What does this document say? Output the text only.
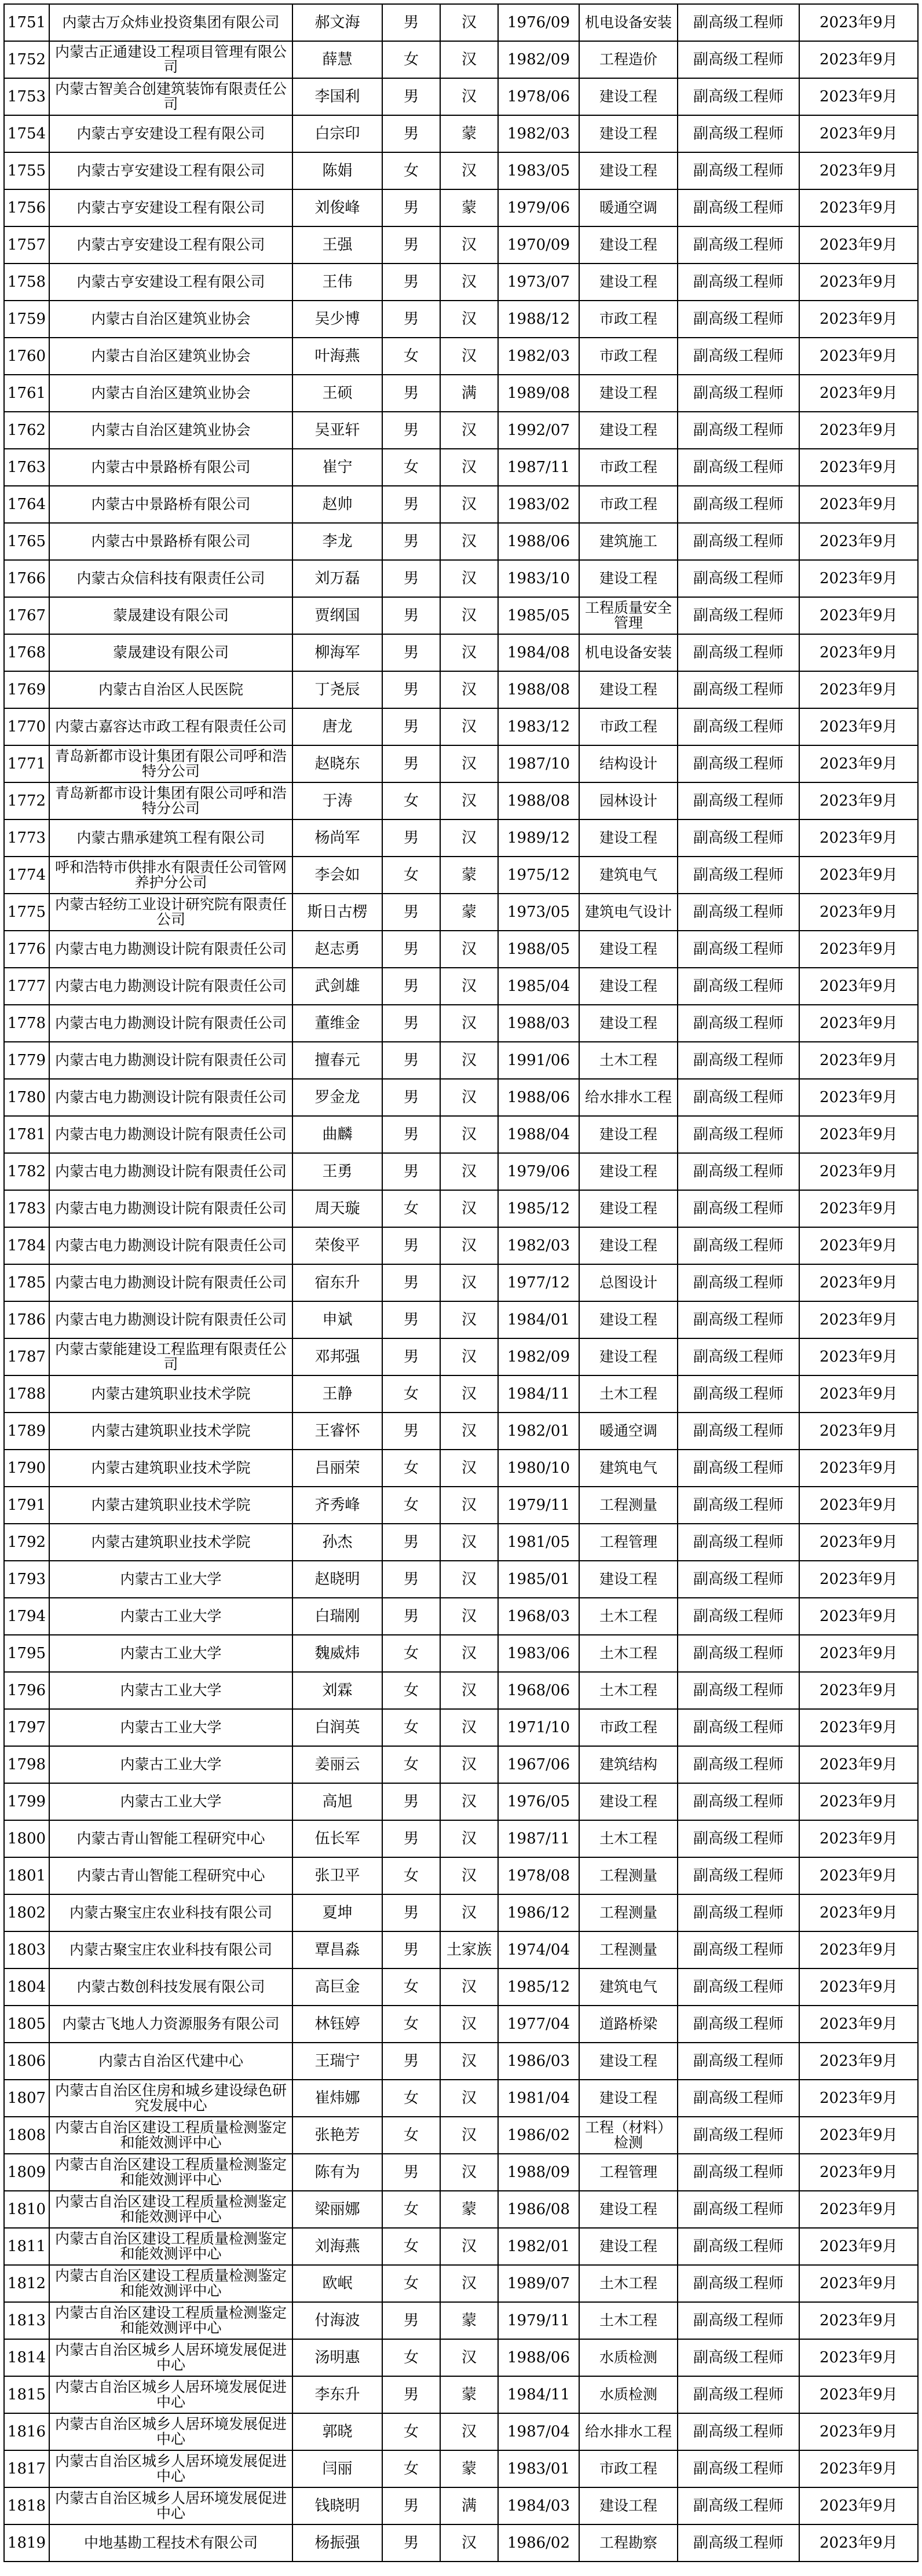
1751	内蒙古万众炜业投资集团有限公司	郝文海	男	汉	1976/09	机电设备安装	副高级工程师	2023年9月
1752	内蒙古正通建设工程项目管理有限公司	薛慧	女	汉	1982/09	工程造价	副高级工程师	2023年9月
1753	内蒙古智美合创建筑装饰有限责任公司	李国利	男	汉	1978/06	建设工程	副高级工程师	2023年9月
1754	内蒙古亨安建设工程有限公司	白宗印	男	蒙	1982/03	建设工程	副高级工程师	2023年9月
1755	内蒙古亨安建设工程有限公司	陈娟	女	汉	1983/05	建设工程	副高级工程师	2023年9月
1756	内蒙古亨安建设工程有限公司	刘俊峰	男	蒙	1979/06	暖通空调	副高级工程师	2023年9月
1757	内蒙古亨安建设工程有限公司	王强	男	汉	1970/09	建设工程	副高级工程师	2023年9月
1758	内蒙古亨安建设工程有限公司	王伟	男	汉	1973/07	建设工程	副高级工程师	2023年9月
1759	内蒙古自治区建筑业协会	吴少博	男	汉	1988/12	市政工程	副高级工程师	2023年9月
1760	内蒙古自治区建筑业协会	叶海燕	女	汉	1982/03	市政工程	副高级工程师	2023年9月
1761	内蒙古自治区建筑业协会	王硕	男	满	1989/08	建设工程	副高级工程师	2023年9月
1762	内蒙古自治区建筑业协会	吴亚轩	男	汉	1992/07	建设工程	副高级工程师	2023年9月
1763	内蒙古中景路桥有限公司	崔宁	女	汉	1987/11	市政工程	副高级工程师	2023年9月
1764	内蒙古中景路桥有限公司	赵帅	男	汉	1983/02	市政工程	副高级工程师	2023年9月
1765	内蒙古中景路桥有限公司	李龙	男	汉	1988/06	建筑施工	副高级工程师	2023年9月
1766	内蒙古众信科技有限责任公司	刘万磊	男	汉	1983/10	建设工程	副高级工程师	2023年9月
1767	蒙晟建设有限公司	贾纲国	男	汉	1985/05	工程质量安全管理	副高级工程师	2023年9月
1768	蒙晟建设有限公司	柳海军	男	汉	1984/08	机电设备安装	副高级工程师	2023年9月
1769	内蒙古自治区人民医院	丁尧辰	男	汉	1988/08	建设工程	副高级工程师	2023年9月
1770	内蒙古嘉容达市政工程有限责任公司	唐龙	男	汉	1983/12	市政工程	副高级工程师	2023年9月
1771	青岛新都市设计集团有限公司呼和浩特分公司	赵晓东	男	汉	1987/10	结构设计	副高级工程师	2023年9月
1772	青岛新都市设计集团有限公司呼和浩特分公司	于涛	女	汉	1988/08	园林设计	副高级工程师	2023年9月
1773	内蒙古鼎承建筑工程有限公司	杨尚军	男	汉	1989/12	建设工程	副高级工程师	2023年9月
1774	呼和浩特市供排水有限责任公司管网养护分公司	李会如	女	蒙	1975/12	建筑电气	副高级工程师	2023年9月
1775	内蒙古轻纺工业设计研究院有限责任公司	斯日古楞	男	蒙	1973/05	建筑电气设计	副高级工程师	2023年9月
1776	内蒙古电力勘测设计院有限责任公司	赵志勇	男	汉	1988/05	建设工程	副高级工程师	2023年9月
1777	内蒙古电力勘测设计院有限责任公司	武剑雄	男	汉	1985/04	建设工程	副高级工程师	2023年9月
1778	内蒙古电力勘测设计院有限责任公司	董维金	男	汉	1988/03	建设工程	副高级工程师	2023年9月
1779	内蒙古电力勘测设计院有限责任公司	擅春元	男	汉	1991/06	土木工程	副高级工程师	2023年9月
1780	内蒙古电力勘测设计院有限责任公司	罗金龙	男	汉	1988/06	给水排水工程	副高级工程师	2023年9月
1781	内蒙古电力勘测设计院有限责任公司	曲麟	男	汉	1988/04	建设工程	副高级工程师	2023年9月
1782	内蒙古电力勘测设计院有限责任公司	王勇	男	汉	1979/06	建设工程	副高级工程师	2023年9月
1783	内蒙古电力勘测设计院有限责任公司	周天璇	女	汉	1985/12	建设工程	副高级工程师	2023年9月
1784	内蒙古电力勘测设计院有限责任公司	荣俊平	男	汉	1982/03	建设工程	副高级工程师	2023年9月
1785	内蒙古电力勘测设计院有限责任公司	宿东升	男	汉	1977/12	总图设计	副高级工程师	2023年9月
1786	内蒙古电力勘测设计院有限责任公司	申斌	男	汉	1984/01	建设工程	副高级工程师	2023年9月
1787	内蒙古蒙能建设工程监理有限责任公司	邓邦强	男	汉	1982/09	建设工程	副高级工程师	2023年9月
1788	内蒙古建筑职业技术学院	王静	女	汉	1984/11	土木工程	副高级工程师	2023年9月
1789	内蒙古建筑职业技术学院	王睿怀	男	汉	1982/01	暖通空调	副高级工程师	2023年9月
1790	内蒙古建筑职业技术学院	吕丽荣	女	汉	1980/10	建筑电气	副高级工程师	2023年9月
1791	内蒙古建筑职业技术学院	齐秀峰	女	汉	1979/11	工程测量	副高级工程师	2023年9月
1792	内蒙古建筑职业技术学院	孙杰	男	汉	1981/05	工程管理	副高级工程师	2023年9月
1793	内蒙古工业大学	赵晓明	男	汉	1985/01	建设工程	副高级工程师	2023年9月
1794	内蒙古工业大学	白瑞刚	男	汉	1968/03	土木工程	副高级工程师	2023年9月
1795	内蒙古工业大学	魏威炜	女	汉	1983/06	土木工程	副高级工程师	2023年9月
1796	内蒙古工业大学	刘霖	女	汉	1968/06	土木工程	副高级工程师	2023年9月
1797	内蒙古工业大学	白润英	女	汉	1971/10	市政工程	副高级工程师	2023年9月
1798	内蒙古工业大学	姜丽云	女	汉	1967/06	建筑结构	副高级工程师	2023年9月
1799	内蒙古工业大学	高旭	男	汉	1976/05	建设工程	副高级工程师	2023年9月
1800	内蒙古青山智能工程研究中心	伍长军	男	汉	1987/11	土木工程	副高级工程师	2023年9月
1801	内蒙古青山智能工程研究中心	张卫平	女	汉	1978/08	工程测量	副高级工程师	2023年9月
1802	内蒙古聚宝庄农业科技有限公司	夏坤	男	汉	1986/12	工程测量	副高级工程师	2023年9月
1803	内蒙古聚宝庄农业科技有限公司	覃昌淼	男	土家族	1974/04	工程测量	副高级工程师	2023年9月
1804	内蒙古数创科技发展有限公司	高巨金	女	汉	1985/12	建筑电气	副高级工程师	2023年9月
1805	内蒙古飞地人力资源服务有限公司	林钰婷	女	汉	1977/04	道路桥梁	副高级工程师	2023年9月
1806	内蒙古自治区代建中心	王瑞宁	男	汉	1986/03	建设工程	副高级工程师	2023年9月
1807	内蒙古自治区住房和城乡建设绿色研究发展中心	崔炜娜	女	汉	1981/04	建设工程	副高级工程师	2023年9月
1808	内蒙古自治区建设工程质量检测鉴定和能效测评中心	张艳芳	女	汉	1986/02	工程（材料）检测	副高级工程师	2023年9月
1809	内蒙古自治区建设工程质量检测鉴定和能效测评中心	陈有为	男	汉	1988/09	工程管理	副高级工程师	2023年9月
1810	内蒙古自治区建设工程质量检测鉴定和能效测评中心	梁丽娜	女	蒙	1986/08	建设工程	副高级工程师	2023年9月
1811	内蒙古自治区建设工程质量检测鉴定和能效测评中心	刘海燕	女	汉	1982/01	建设工程	副高级工程师	2023年9月
1812	内蒙古自治区建设工程质量检测鉴定和能效测评中心	欧岷	女	汉	1989/07	土木工程	副高级工程师	2023年9月
1813	内蒙古自治区建设工程质量检测鉴定和能效测评中心	付海波	男	蒙	1979/11	土木工程	副高级工程师	2023年9月
1814	内蒙古自治区城乡人居环境发展促进中心	汤明惠	女	汉	1988/06	水质检测	副高级工程师	2023年9月
1815	内蒙古自治区城乡人居环境发展促进中心	李东升	男	蒙	1984/11	水质检测	副高级工程师	2023年9月
1816	内蒙古自治区城乡人居环境发展促进中心	郭晓	女	汉	1987/04	给水排水工程	副高级工程师	2023年9月
1817	内蒙古自治区城乡人居环境发展促进中心	闫丽	女	蒙	1983/01	市政工程	副高级工程师	2023年9月
1818	内蒙古自治区城乡人居环境发展促进中心	钱晓明	男	满	1984/03	建设工程	副高级工程师	2023年9月
1819	中地基勘工程技术有限公司	杨振强	男	汉	1986/02	工程勘察	副高级工程师	2023年9月
